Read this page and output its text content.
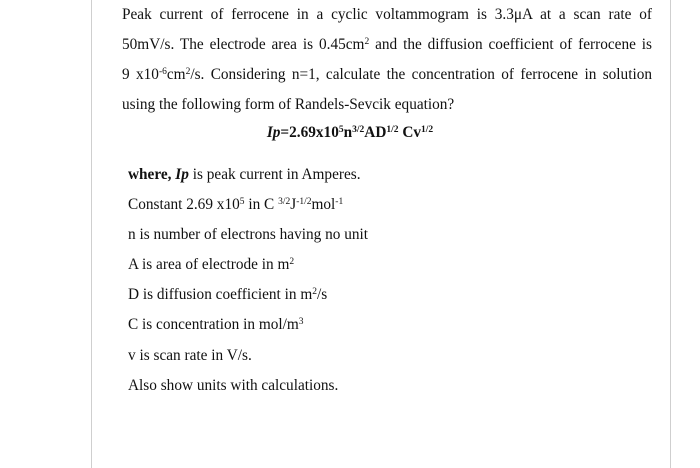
Peak current of ferrocene in a cyclic voltammogram is 3.3μA at a scan rate of
50mV/s. The electrode area is $0.45cm^2$ and the diffusion coefficient of ferrocene is
9 $x10^{-6}cm^2/s$. Considering n=1, calculate the concentration of ferrocene in solution
using the following form of Randels-Sevcik equation?
$Ip=2.69x10^5n^{3/2}AD^{1/2}$ $Cv^{1/2}$
where, Ip is peak current in Amperes.
Constant 2.69 $x10^5$ in C $^{3/2}J^{-1/2}mol^{-1}$
n is number of electrons having no unit
A is area of electrode in $m^2$
D is diffusion coefficient in $m^2/s$
C is concentration in mol/$m^3$
v is scan rate in V/s.
Also show units with calculations.
